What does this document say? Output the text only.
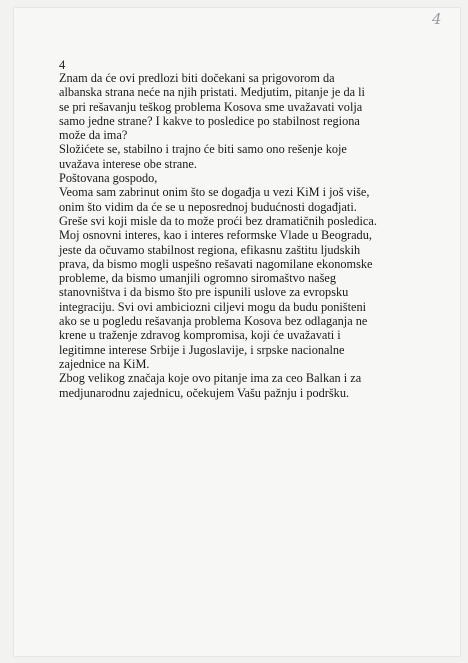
4
4
Znam da će ovi predlozi biti dočekani sa prigovorom da
albanska strana neće na njih pristati. Medjutim, pitanje je da li
se pri rešavanju teškog problema Kosova sme uvažavati volja
samo jedne strane? I kakve to posledice po stabilnost regiona
može da ima?
Složićete se, stabilno i trajno će biti samo ono rešenje koje
uvažava interese obe strane.
Poštovana gospodo,
Veoma sam zabrinut onim što se događja u vezi KiM i još više,
onim što vidim da će se u neposrednoj budućnosti događjati.
Greše svi koji misle da to može proći bez dramatičnih posledica.
Moj osnovni interes, kao i interes reformske Vlade u Beogradu,
jeste da očuvamo stabilnost regiona, efikasnu zaštitu ljudskih
prava, da bismo mogli uspešno rešavati nagomilane ekonomske
probleme, da bismo umanjili ogromno siromaštvo našeg
stanovništva i da bismo što pre ispunili uslove za evropsku
integraciju. Svi ovi ambiciozni ciljevi mogu da budu poništeni
ako se u pogledu rešavanja problema Kosova bez odlaganja ne
krene u traženje zdravog kompromisa, koji će uvažavati i
legitimne interese Srbije i Jugoslavije, i srpske nacionalne
zajednice na KiM.
Zbog velikog značaja koje ovo pitanje ima za ceo Balkan i za
medjunarodnu zajednicu, očekujem Vašu pažnju i podršku.
